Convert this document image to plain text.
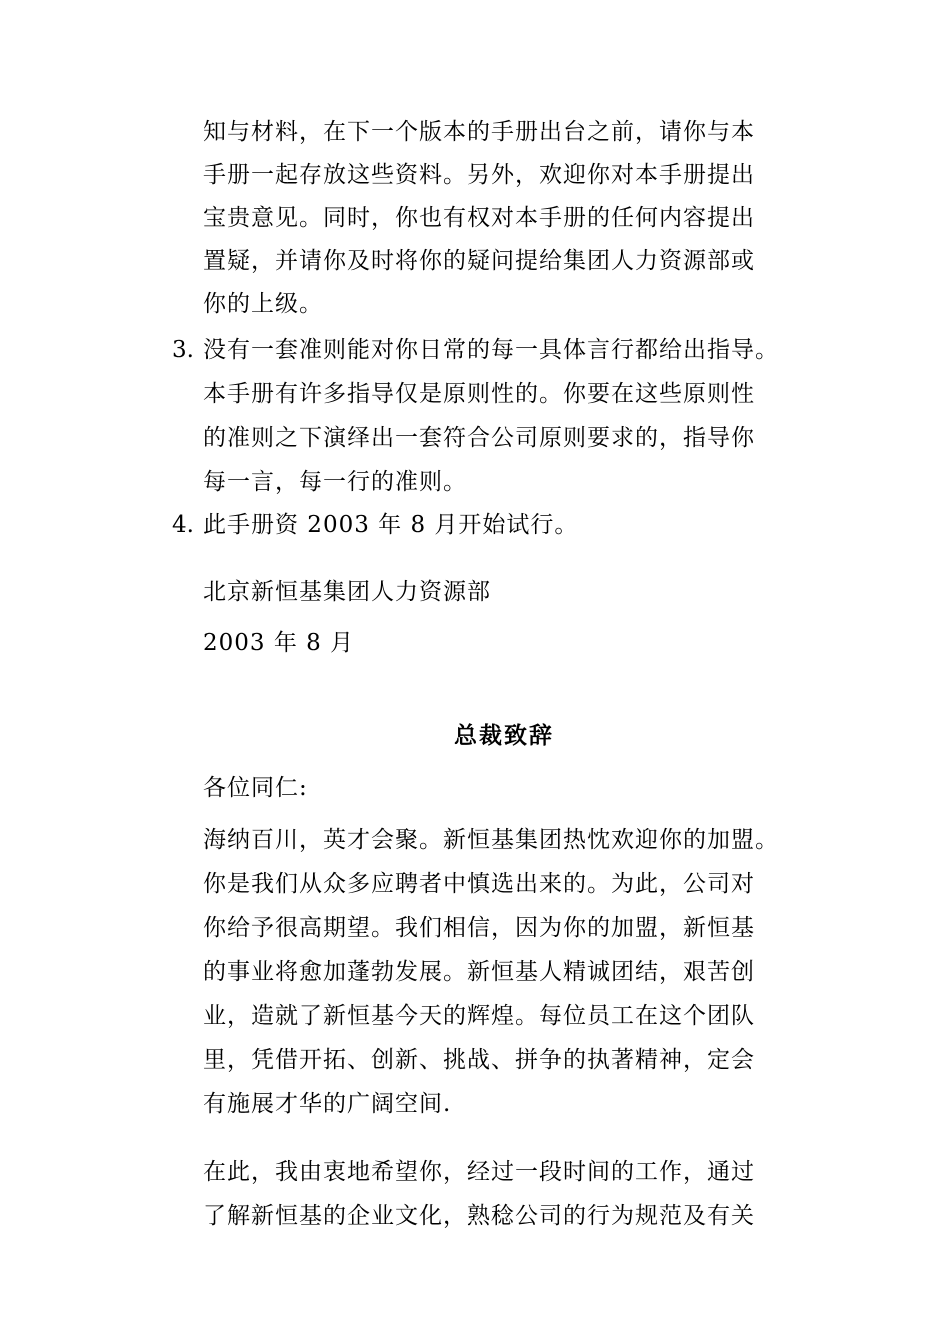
知与材料，在下一个版本的手册出台之前，请你与本
手册一起存放这些资料。另外，欢迎你对本手册提出
宝贵意见。同时，你也有权对本手册的任何内容提出
置疑，并请你及时将你的疑问提给集团人力资源部或
你的上级。
3. 没有一套准则能对你日常的每一具体言行都给出指导。
本手册有许多指导仅是原则性的。你要在这些原则性
的准则之下演绎出一套符合公司原则要求的，指导你
每一言，每一行的准则。
4. 此手册资 2003 年 8 月开始试行。
北京新恒基集团人力资源部
2003 年 8 月
总裁致辞
各位同仁:
海纳百川，英才会聚。新恒基集团热忱欢迎你的加盟。
你是我们从众多应聘者中慎选出来的。为此，公司对
你给予很高期望。我们相信，因为你的加盟，新恒基
的事业将愈加蓬勃发展。新恒基人精诚团结，艰苦创
业，造就了新恒基今天的辉煌。每位员工在这个团队
里，凭借开拓、创新、挑战、拼争的执著精神，定会
有施展才华的广阔空间.
在此，我由衷地希望你，经过一段时间的工作，通过
了解新恒基的企业文化，熟稔公司的行为规范及有关
